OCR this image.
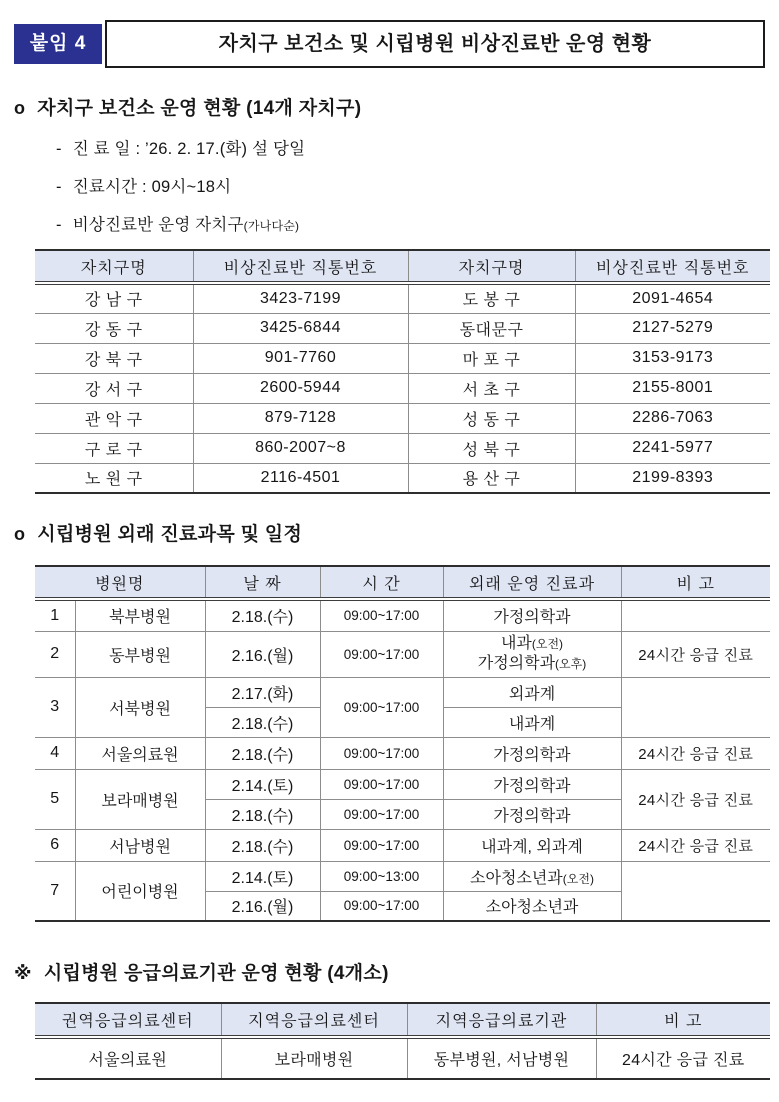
붙임 4	자치구 보건소 및 시립병원 비상진료반 운영 현황
o 자치구 보건소 운영 현황 (14개 자치구)
- 진 료 일 : ’26. 2. 17.(화) 설 당일
- 진료시간 : 09시~18시
- 비상진료반 운영 자치구(가나다순)
자치구명	비상진료반 직통번호	자치구명	비상진료반 직통번호
강 남 구	3423-7199	도 봉 구	2091-4654
강 동 구	3425-6844	동대문구	2127-5279
강 북 구	901-7760	마 포 구	3153-9173
강 서 구	2600-5944	서 초 구	2155-8001
관 악 구	879-7128	성 동 구	2286-7063
구 로 구	860-2007~8	성 북 구	2241-5977
노 원 구	2116-4501	용 산 구	2199-8393
o 시립병원 외래 진료과목 및 일정
병원명		날 짜	시 간	외래 운영 진료과	비 고
1	북부병원	2.18.(수)	09:00~17:00	가정의학과	
2	동부병원	2.16.(월)	09:00~17:00	내과(오전)
가정의학과(오후)	24시간 응급 진료
3	서북병원	2.17.(화)	09:00~17:00	외과계	
		2.18.(수)		내과계	
4	서울의료원	2.18.(수)	09:00~17:00	가정의학과	24시간 응급 진료
5	보라매병원	2.14.(토)	09:00~17:00	가정의학과	24시간 응급 진료
		2.18.(수)	09:00~17:00	가정의학과	
6	서남병원	2.18.(수)	09:00~17:00	내과계, 외과계	24시간 응급 진료
7	어린이병원	2.14.(토)	09:00~13:00	소아청소년과(오전)	
		2.16.(월)	09:00~17:00	소아청소년과	
※ 시립병원 응급의료기관 운영 현황 (4개소)
권역응급의료센터	지역응급의료센터	지역응급의료기관	비 고
서울의료원	보라매병원	동부병원, 서남병원	24시간 응급 진료
